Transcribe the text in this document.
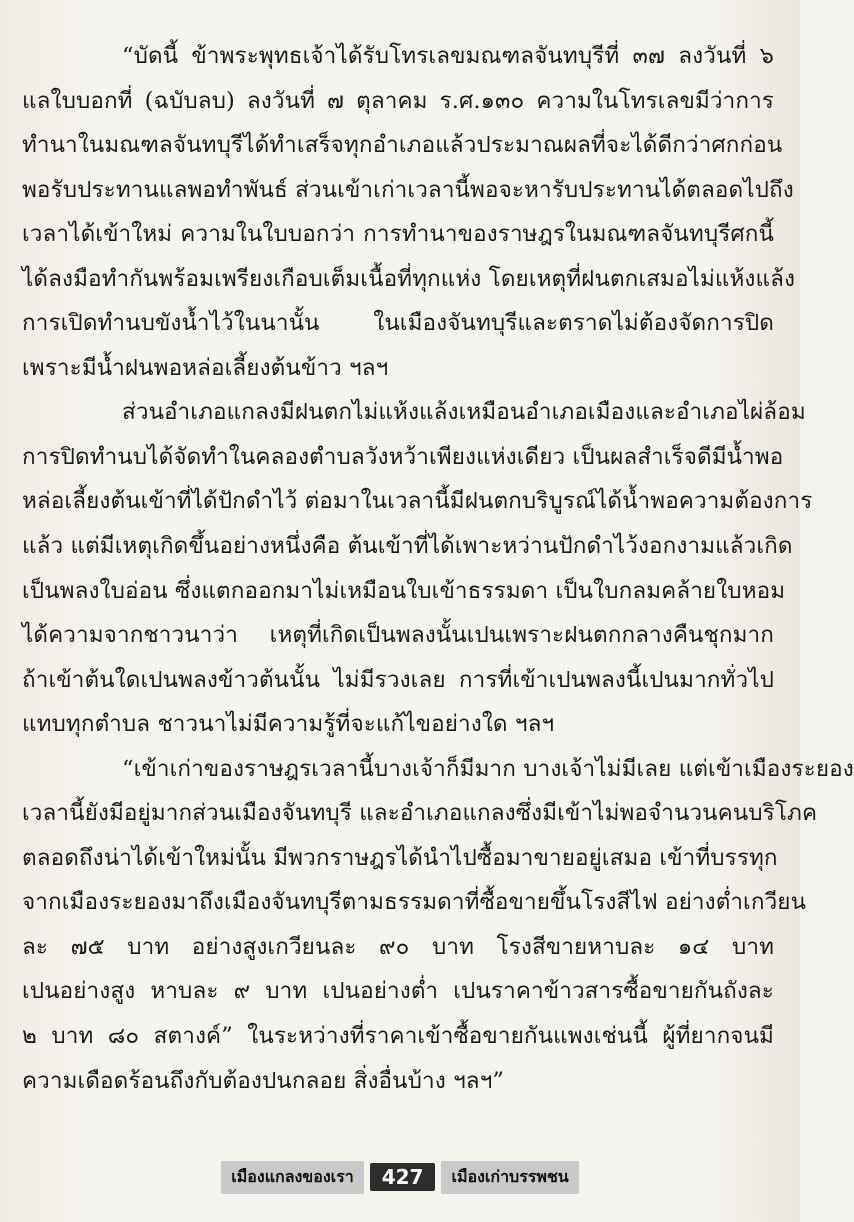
“บัดนี้ ข้าพระพุทธเจ้าได้รับโทรเลขมณฑลจันทบุรีที่ ๓๗ ลงวันที่ ๖
แลใบบอกที่ (ฉบับลบ) ลงวันที่ ๗ ตุลาคม ร.ศ.๑๓๐ ความในโทรเลขมีว่าการ
ทำนาในมณฑลจันทบุรีได้ทำเสร็จทุกอำเภอแล้วประมาณผลที่จะได้ดีกว่าศกก่อน
พอรับประทานแลพอทำพันธ์ ส่วนเข้าเก่าเวลานี้พอจะหารับประทานได้ตลอดไปถึง
เวลาได้เข้าใหม่ ความในใบบอกว่า การทำนาของราษฎรในมณฑลจันทบุรีศกนี้
ได้ลงมือทำกันพร้อมเพรียงเกือบเต็มเนื้อที่ทุกแห่ง โดยเหตุที่ฝนตกเสมอไม่แห้งแล้ง
การเปิดทำนบขังน้ำไว้ในนานั้น ในเมืองจันทบุรีและตราดไม่ต้องจัดการปิด
เพราะมีน้ำฝนพอหล่อเลี้ยงต้นข้าว ฯลฯ
ส่วนอำเภอแกลงมีฝนตกไม่แห้งแล้งเหมือนอำเภอเมืองและอำเภอไผ่ล้อม
การปิดทำนบได้จัดทำในคลองตำบลวังหว้าเพียงแห่งเดียว เป็นผลสำเร็จดีมีน้ำพอ
หล่อเลี้ยงต้นเข้าที่ได้ปักดำไว้ ต่อมาในเวลานี้มีฝนตกบริบูรณ์ได้น้ำพอความต้องการ
แล้ว แต่มีเหตุเกิดขึ้นอย่างหนึ่งคือ ต้นเข้าที่ได้เพาะหว่านปักดำไว้งอกงามแล้วเกิด
เป็นพลงใบอ่อน ซึ่งแตกออกมาไม่เหมือนใบเข้าธรรมดา เป็นใบกลมคล้ายใบหอม
ได้ความจากชาวนาว่า เหตุที่เกิดเป็นพลงนั้นเปนเพราะฝนตกกลางคืนชุกมาก
ถ้าเข้าต้นใดเปนพลงข้าวต้นนั้น ไม่มีรวงเลย การที่เข้าเปนพลงนี้เปนมากทั่วไป
แทบทุกตำบล ชาวนาไม่มีความรู้ที่จะแก้ไขอย่างใด ฯลฯ
“เข้าเก่าของราษฎรเวลานี้บางเจ้าก็มีมาก บางเจ้าไม่มีเลย แต่เข้าเมืองระยอง
เวลานี้ยังมีอยู่มากส่วนเมืองจันทบุรี และอำเภอแกลงซึ่งมีเข้าไม่พอจำนวนคนบริโภค
ตลอดถึงน่าได้เข้าใหม่นั้น มีพวกราษฎรได้นำไปซื้อมาขายอยู่เสมอ เข้าที่บรรทุก
จากเมืองระยองมาถึงเมืองจันทบุรีตามธรรมดาที่ซื้อขายขึ้นโรงสีไฟ อย่างต่ำเกวียน
ละ ๗๕ บาท อย่างสูงเกวียนละ ๙๐ บาท โรงสีขายหาบละ ๑๔ บาท
เปนอย่างสูง หาบละ ๙ บาท เปนอย่างต่ำ เปนราคาข้าวสารซื้อขายกันถังละ
๒ บาท ๘๐ สตางค์” ในระหว่างที่ราคาเข้าซื้อขายกันแพงเช่นนี้ ผู้ที่ยากจนมี
ความเดือดร้อนถึงกับต้องปนกลอย สิ่งอื่นบ้าง ฯลฯ”
เมืองแกลงของเรา	427	เมืองเก่าบรรพชน
